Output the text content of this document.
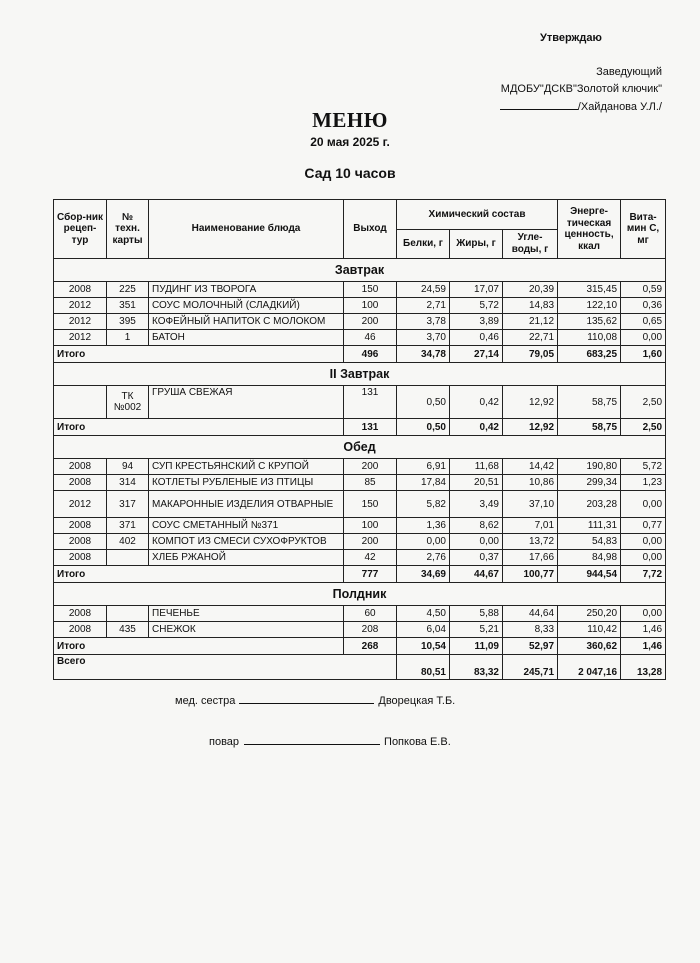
Утверждаю
Заведующий
МДОБУ"ДСКВ"Золотой ключик"
/Хайданова У.Л./
МЕНЮ
20 мая 2025 г.
Сад 10 часов
Сбор-ник рецеп-тур	№ техн. карты	Наименование блюда	Выход	Химический состав			Энерге-тическая ценность, ккал	Вита-мин С, мг
				Белки, г	Жиры, г	Угле-воды, г		
Завтрак								
2008	225	ПУДИНГ ИЗ ТВОРОГА	150	24,59	17,07	20,39	315,45	0,59
2012	351	СОУС МОЛОЧНЫЙ (СЛАДКИЙ)	100	2,71	5,72	14,83	122,10	0,36
2012	395	КОФЕЙНЫЙ НАПИТОК С МОЛОКОМ	200	3,78	3,89	21,12	135,62	0,65
2012	1	БАТОН	46	3,70	0,46	22,71	110,08	0,00
Итого			496	34,78	27,14	79,05	683,25	1,60
II Завтрак								
	ТК №002	ГРУША СВЕЖАЯ	131	0,50	0,42	12,92	58,75	2,50
Итого			131	0,50	0,42	12,92	58,75	2,50
Обед								
2008	94	СУП КРЕСТЬЯНСКИЙ С КРУПОЙ	200	6,91	11,68	14,42	190,80	5,72
2008	314	КОТЛЕТЫ РУБЛЕНЫЕ ИЗ ПТИЦЫ	85	17,84	20,51	10,86	299,34	1,23
2012	317	МАКАРОННЫЕ ИЗДЕЛИЯ ОТВАРНЫЕ	150	5,82	3,49	37,10	203,28	0,00
2008	371	СОУС СМЕТАННЫЙ №371	100	1,36	8,62	7,01	111,31	0,77
2008	402	КОМПОТ ИЗ СМЕСИ СУХОФРУКТОВ	200	0,00	0,00	13,72	54,83	0,00
2008		ХЛЕБ РЖАНОЙ	42	2,76	0,37	17,66	84,98	0,00
Итого			777	34,69	44,67	100,77	944,54	7,72
Полдник								
2008		ПЕЧЕНЬЕ	60	4,50	5,88	44,64	250,20	0,00
2008	435	СНЕЖОК	208	6,04	5,21	8,33	110,42	1,46
Итого			268	10,54	11,09	52,97	360,62	1,46
Всего				80,51	83,32	245,71	2 047,16	13,28
мед. сестра	Дворецкая Т.Б.
повар	Попкова Е.В.
